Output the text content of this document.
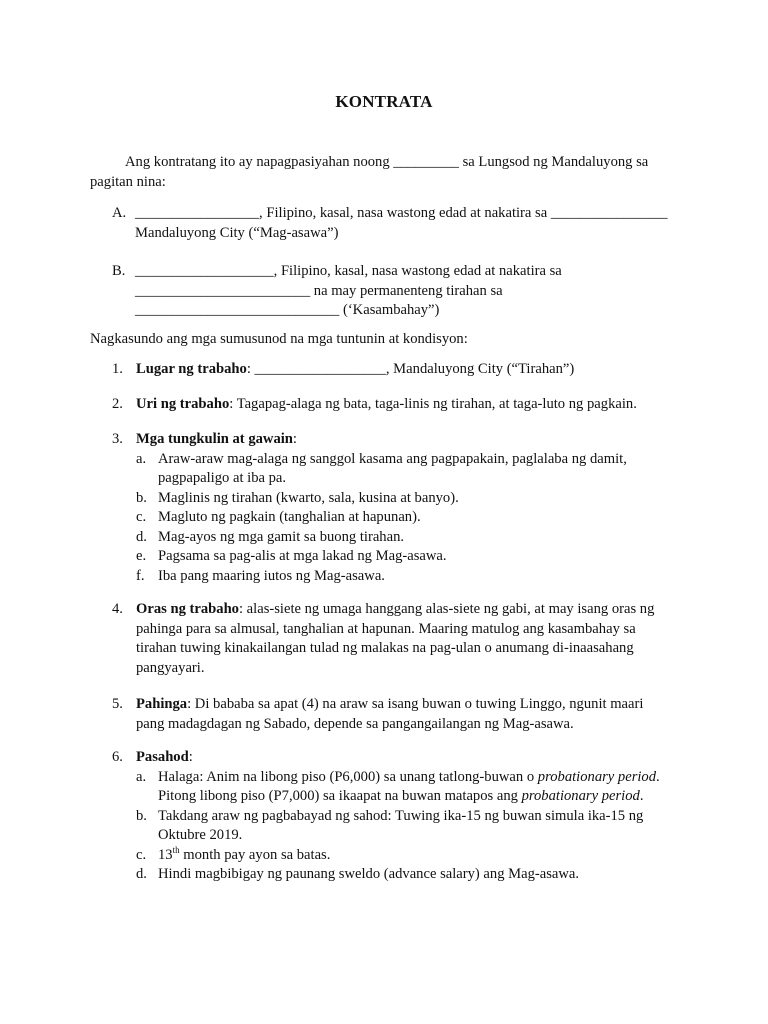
KONTRATA
Ang kontratang ito ay napagpasiyahan noong _________ sa Lungsod ng Mandaluyong sa pagitan nina:
A. _________________, Filipino, kasal, nasa wastong edad at nakatira sa ________________ Mandaluyong City (“Mag-asawa”)
B. ___________________, Filipino, kasal, nasa wastong edad at nakatira sa ________________________ na may permanenteng tirahan sa ____________________________ (‘Kasambahay”)
Nagkasundo ang mga sumusunod na mga tuntunin at kondisyon:
1. Lugar ng trabaho: __________________, Mandaluyong City (“Tirahan”)
2. Uri ng trabaho: Tagapag-alaga ng bata, taga-linis ng tirahan, at taga-luto ng pagkain.
3. Mga tungkulin at gawain:
a. Araw-araw mag-alaga ng sanggol kasama ang pagpapakain, paglalaba ng damit, pagpapaligo at iba pa.
b. Maglinis ng tirahan (kwarto, sala, kusina at banyo).
c. Magluto ng pagkain (tanghalian at hapunan).
d. Mag-ayos ng mga gamit sa buong tirahan.
e. Pagsama sa pag-alis at mga lakad ng Mag-asawa.
f. Iba pang maaring iutos ng Mag-asawa.
4. Oras ng trabaho: alas-siete ng umaga hanggang alas-siete ng gabi, at may isang oras ng pahinga para sa almusal, tanghalian at hapunan. Maaring matulog ang kasambahay sa tirahan tuwing kinakailangan tulad ng malakas na pag-ulan o anumang di-inaasahang pangyayari.
5. Pahinga: Di bababa sa apat (4) na araw sa isang buwan o tuwing Linggo, ngunit maari pang madagdagan ng Sabado, depende sa pangangailangan ng Mag-asawa.
6. Pasahod:
a. Halaga: Anim na libong piso (P6,000) sa unang tatlong-buwan o probationary period. Pitong libong piso (P7,000) sa ikaapat na buwan matapos ang probationary period.
b. Takdang araw ng pagbabayad ng sahod: Tuwing ika-15 ng buwan simula ika-15 ng Oktubre 2019.
c. 13th month pay ayon sa batas.
d. Hindi magbibigay ng paunang sweldo (advance salary) ang Mag-asawa.
